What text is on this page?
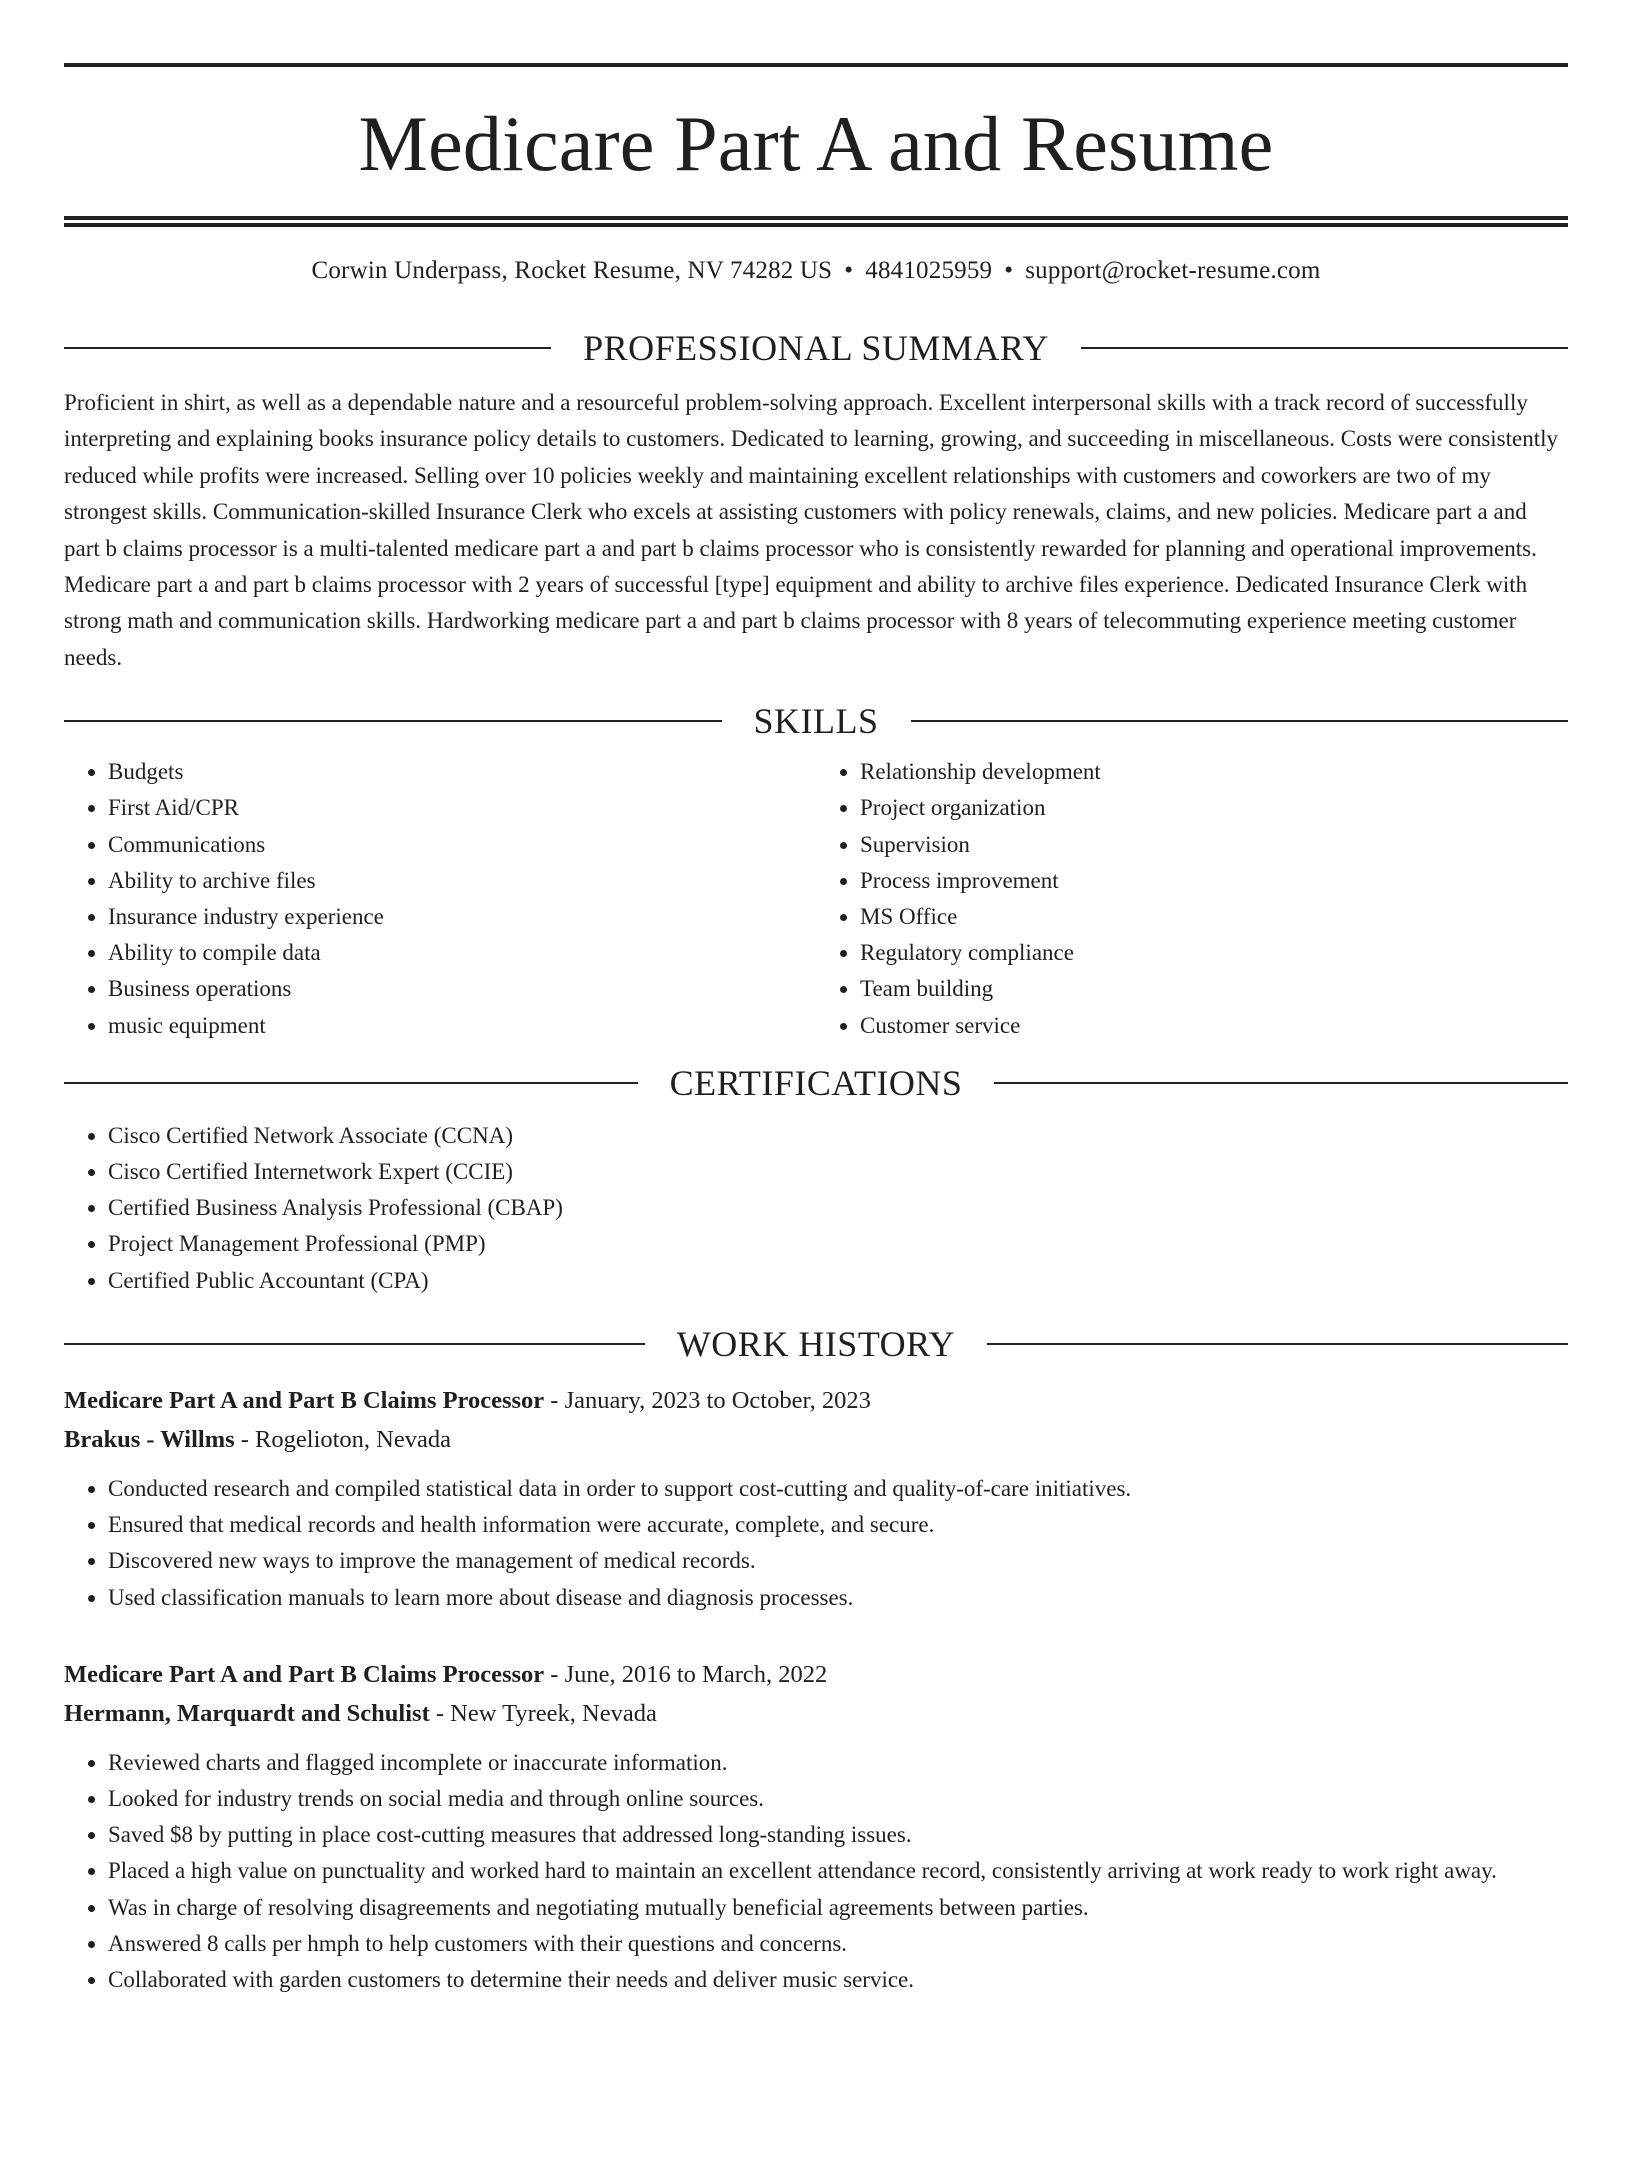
Medicare Part A and Resume
Corwin Underpass, Rocket Resume, NV 74282 US • 4841025959 • support@rocket-resume.com
PROFESSIONAL SUMMARY
Proficient in shirt, as well as a dependable nature and a resourceful problem-solving approach. Excellent interpersonal skills with a track record of successfully interpreting and explaining books insurance policy details to customers. Dedicated to learning, growing, and succeeding in miscellaneous. Costs were consistently reduced while profits were increased. Selling over 10 policies weekly and maintaining excellent relationships with customers and coworkers are two of my strongest skills. Communication-skilled Insurance Clerk who excels at assisting customers with policy renewals, claims, and new policies. Medicare part a and part b claims processor is a multi-talented medicare part a and part b claims processor who is consistently rewarded for planning and operational improvements. Medicare part a and part b claims processor with 2 years of successful [type] equipment and ability to archive files experience. Dedicated Insurance Clerk with strong math and communication skills. Hardworking medicare part a and part b claims processor with 8 years of telecommuting experience meeting customer needs.
SKILLS
• Budgets
• First Aid/CPR
• Communications
• Ability to archive files
• Insurance industry experience
• Ability to compile data
• Business operations
• music equipment
• Relationship development
• Project organization
• Supervision
• Process improvement
• MS Office
• Regulatory compliance
• Team building
• Customer service
CERTIFICATIONS
• Cisco Certified Network Associate (CCNA)
• Cisco Certified Internetwork Expert (CCIE)
• Certified Business Analysis Professional (CBAP)
• Project Management Professional (PMP)
• Certified Public Accountant (CPA)
WORK HISTORY
Medicare Part A and Part B Claims Processor - January, 2023 to October, 2023
Brakus - Willms - Rogelioton, Nevada
• Conducted research and compiled statistical data in order to support cost-cutting and quality-of-care initiatives.
• Ensured that medical records and health information were accurate, complete, and secure.
• Discovered new ways to improve the management of medical records.
• Used classification manuals to learn more about disease and diagnosis processes.
Medicare Part A and Part B Claims Processor - June, 2016 to March, 2022
Hermann, Marquardt and Schulist - New Tyreek, Nevada
• Reviewed charts and flagged incomplete or inaccurate information.
• Looked for industry trends on social media and through online sources.
• Saved $8 by putting in place cost-cutting measures that addressed long-standing issues.
• Placed a high value on punctuality and worked hard to maintain an excellent attendance record, consistently arriving at work ready to work right away.
• Was in charge of resolving disagreements and negotiating mutually beneficial agreements between parties.
• Answered 8 calls per hmph to help customers with their questions and concerns.
• Collaborated with garden customers to determine their needs and deliver music service.
